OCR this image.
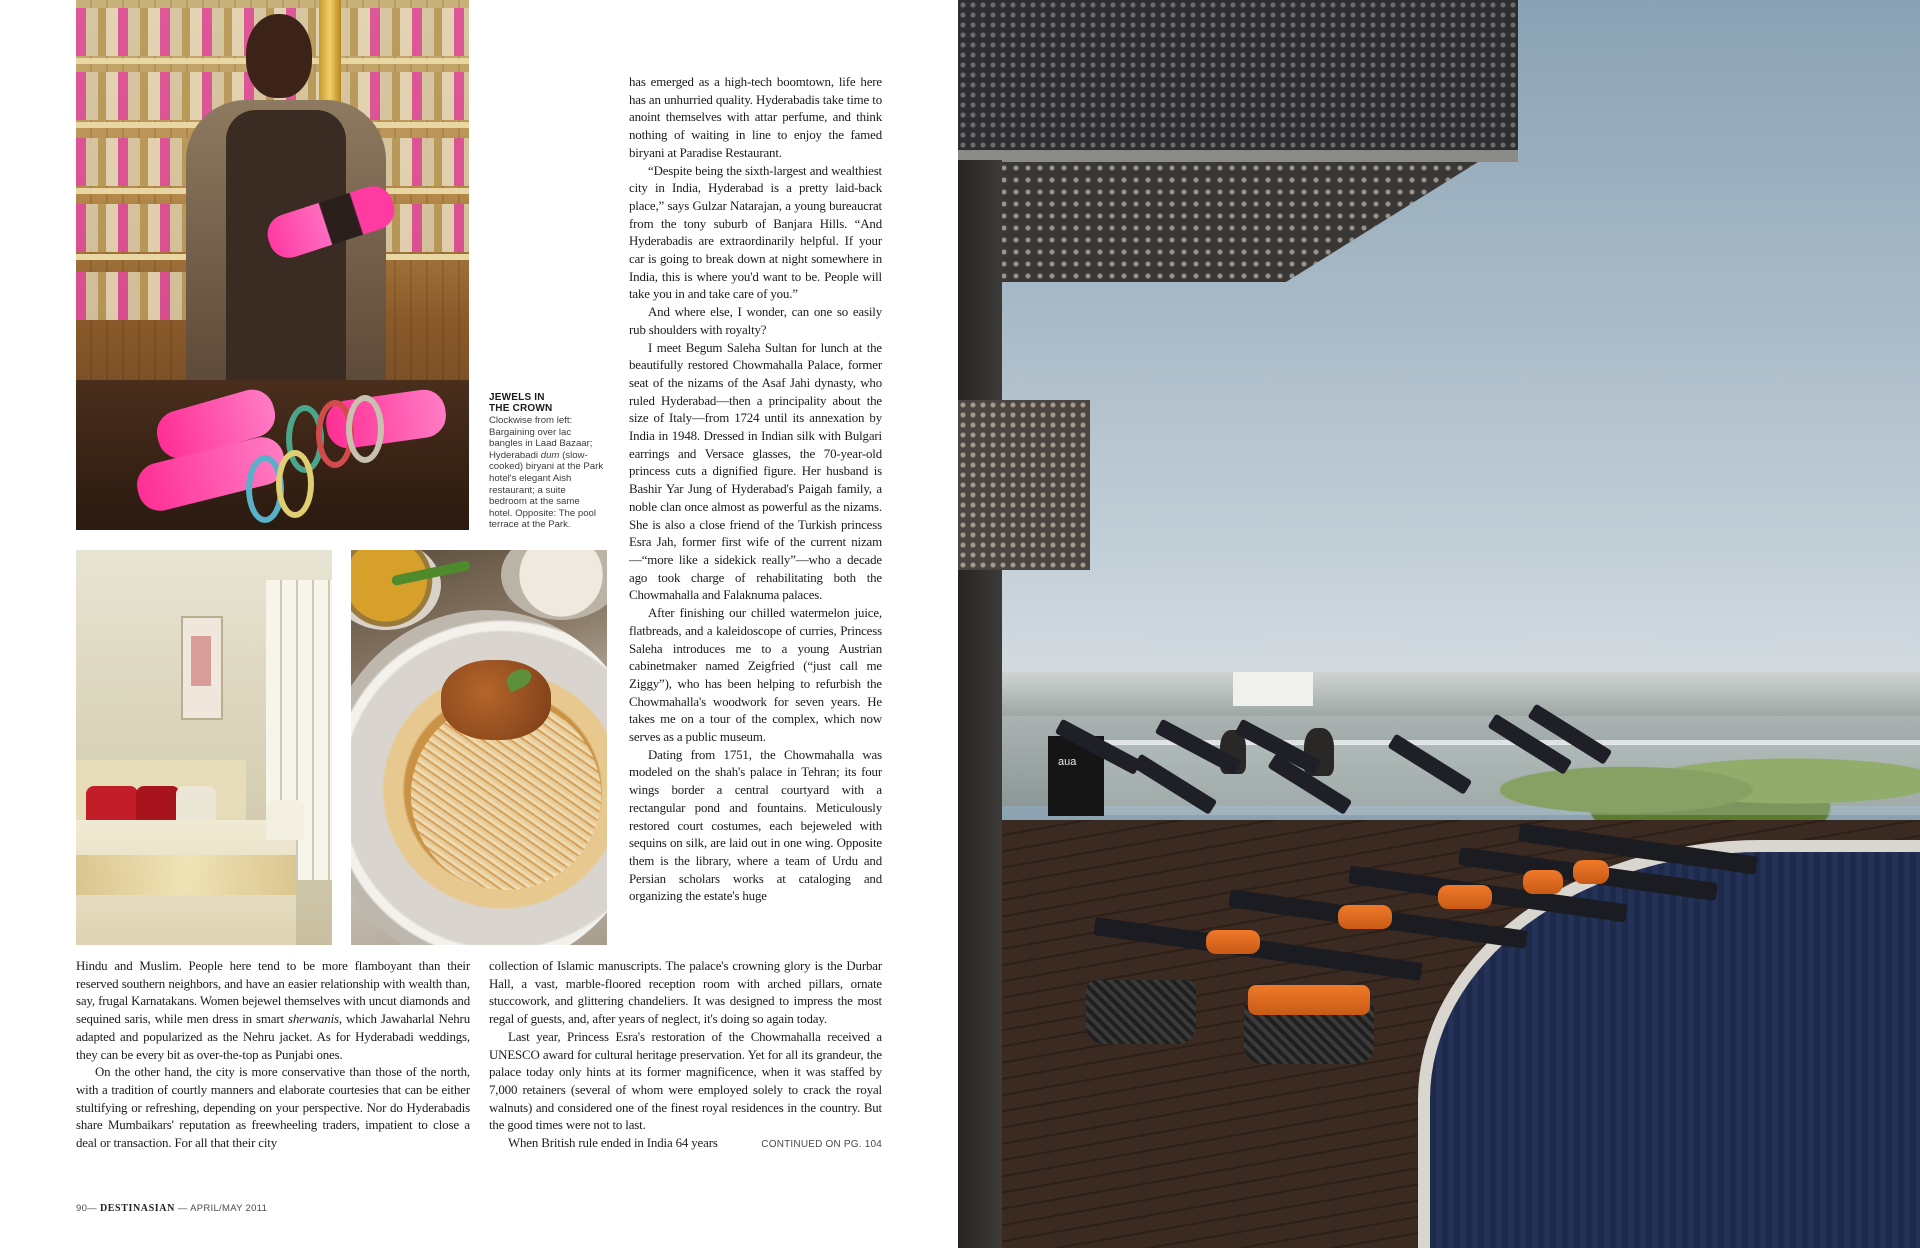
JEWELS IN
THE CROWN
Clockwise from left: Bargaining over lac bangles in Laad Bazaar; Hyderabadi dum (slow-cooked) biryani at the Park hotel's elegant Aish restaurant; a suite bedroom at the same hotel. Opposite: The pool terrace at the Park.

has emerged as a high-tech boomtown, life here has an unhurried quality. Hyderabadis take time to anoint themselves with attar perfume, and think nothing of waiting in line to enjoy the famed biryani at Paradise Restaurant.

“Despite being the sixth-largest and wealthiest city in India, Hyderabad is a pretty laid-back place,” says Gulzar Natarajan, a young bureaucrat from the tony suburb of Banjara Hills. “And Hyderabadis are extraordinarily helpful. If your car is going to break down at night somewhere in India, this is where you'd want to be. People will take you in and take care of you.”

And where else, I wonder, can one so easily rub shoulders with royalty?

I meet Begum Saleha Sultan for lunch at the beautifully restored Chowmahalla Palace, former seat of the nizams of the Asaf Jahi dynasty, who ruled Hyderabad—then a principality about the size of Italy—from 1724 until its annexation by India in 1948. Dressed in Indian silk with Bulgari earrings and Versace glasses, the 70-year-old princess cuts a dignified figure. Her husband is Bashir Yar Jung of Hyderabad's Paigah family, a noble clan once almost as powerful as the nizams. She is also a close friend of the Turkish princess Esra Jah, former first wife of the current nizam—“more like a sidekick really”—who a decade ago took charge of rehabilitating both the Chowmahalla and Falaknuma palaces.

After finishing our chilled watermelon juice, flatbreads, and a kaleidoscope of curries, Princess Saleha introduces me to a young Austrian cabinetmaker named Zeigfried (“just call me Ziggy”), who has been helping to refurbish the Chowmahalla's woodwork for seven years. He takes me on a tour of the complex, which now serves as a public museum.

Dating from 1751, the Chowmahalla was modeled on the shah's palace in Tehran; its four wings border a central courtyard with a rectangular pond and fountains. Meticulously restored court costumes, each bejeweled with sequins on silk, are laid out in one wing. Opposite them is the library, where a team of Urdu and Persian scholars works at cataloging and organizing the estate's huge

Hindu and Muslim. People here tend to be more flamboyant than their reserved southern neighbors, and have an easier relationship with wealth than, say, frugal Karnatakans. Women bejewel themselves with uncut diamonds and sequined saris, while men dress in smart sherwanis, which Jawaharlal Nehru adapted and popularized as the Nehru jacket. As for Hyderabadi weddings, they can be every bit as over-the-top as Punjabi ones.

On the other hand, the city is more conservative than those of the north, with a tradition of courtly manners and elaborate courtesies that can be either stultifying or refreshing, depending on your perspective. Nor do Hyderabadis share Mumbaikars' reputation as freewheeling traders, impatient to close a deal or transaction. For all that their city

collection of Islamic manuscripts. The palace's crowning glory is the Durbar Hall, a vast, marble-floored reception room with arched pillars, ornate stuccowork, and glittering chandeliers. It was designed to impress the most regal of guests, and, after years of neglect, it's doing so again today.

Last year, Princess Esra's restoration of the Chowmahalla received a UNESCO award for cultural heritage preservation. Yet for all its grandeur, the palace today only hints at its former magnificence, when it was staffed by 7,000 retainers (several of whom were employed solely to crack the royal walnuts) and considered one of the finest royal residences in the country. But the good times were not to last.

When British rule ended in India 64 years	CONTINUED ON PG. 104

90— DESTINASIAN — APRIL/MAY 2011
aua
